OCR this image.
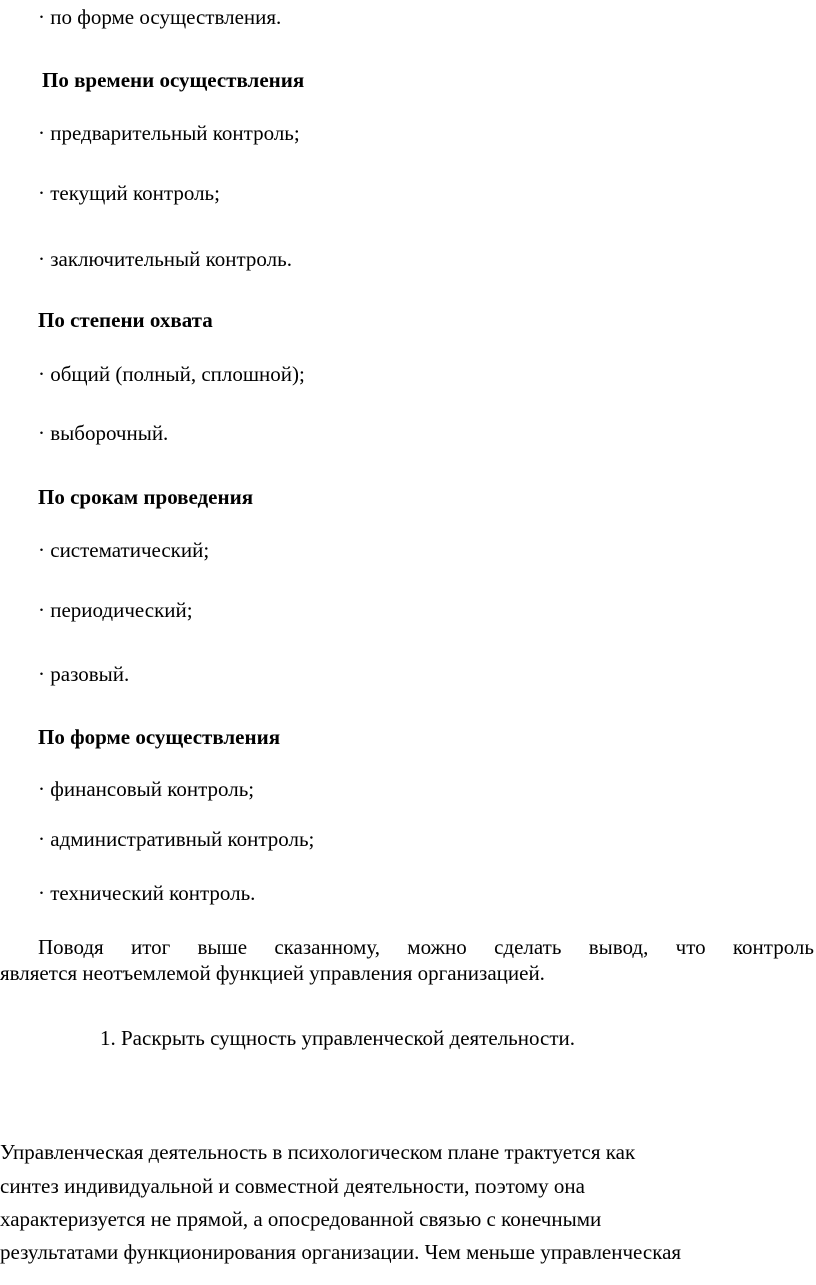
· по форме осуществления.
По времени осуществления
· предварительный контроль;
· текущий контроль;
· заключительный контроль.
По степени охвата
· общий (полный, сплошной);
· выборочный.
По срокам проведения
· систематический;
· периодический;
· разовый.
По форме осуществления
· финансовый контроль;
· административный контроль;
· технический контроль.
Поводя итог выше сказанному, можно сделать вывод, что контроль
является неотъемлемой функцией управления организацией.
1. Раскрыть сущность управленческой деятельности.
Управленческая деятельность в психологическом плане трактуется как
синтез индивидуальной и совместной деятельности, поэтому она
характеризуется не прямой, а опосредованной связью с конечными
результатами функционирования организации. Чем меньше управленческая
